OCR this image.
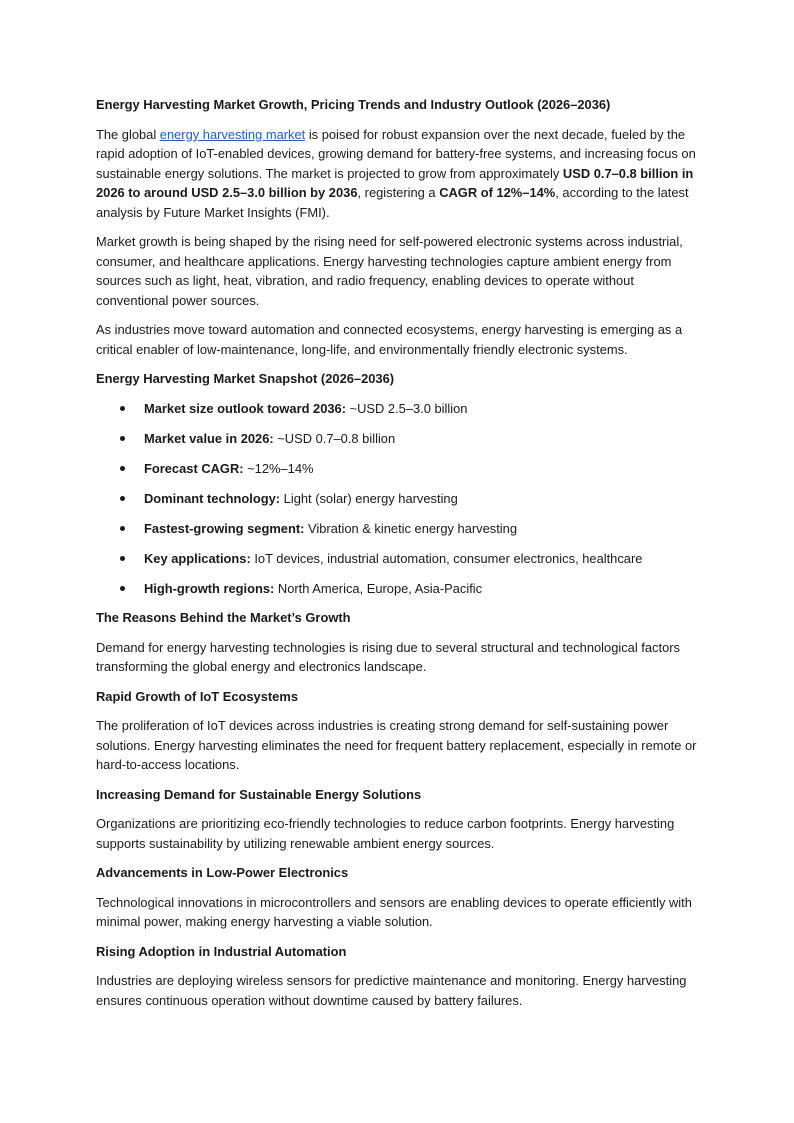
Energy Harvesting Market Growth, Pricing Trends and Industry Outlook (2026–2036)

The global energy harvesting market is poised for robust expansion over the next decade, fueled by the rapid adoption of IoT-enabled devices, growing demand for battery-free systems, and increasing focus on sustainable energy solutions. The market is projected to grow from approximately USD 0.7–0.8 billion in 2026 to around USD 2.5–3.0 billion by 2036, registering a CAGR of 12%–14%, according to the latest analysis by Future Market Insights (FMI).

Market growth is being shaped by the rising need for self-powered electronic systems across industrial, consumer, and healthcare applications. Energy harvesting technologies capture ambient energy from sources such as light, heat, vibration, and radio frequency, enabling devices to operate without conventional power sources.

As industries move toward automation and connected ecosystems, energy harvesting is emerging as a critical enabler of low-maintenance, long-life, and environmentally friendly electronic systems.

Energy Harvesting Market Snapshot (2026–2036)
Market size outlook toward 2036: ~USD 2.5–3.0 billion
Market value in 2026: ~USD 0.7–0.8 billion
Forecast CAGR: ~12%–14%
Dominant technology: Light (solar) energy harvesting
Fastest-growing segment: Vibration & kinetic energy harvesting
Key applications: IoT devices, industrial automation, consumer electronics, healthcare
High-growth regions: North America, Europe, Asia-Pacific
The Reasons Behind the Market’s Growth

Demand for energy harvesting technologies is rising due to several structural and technological factors transforming the global energy and electronics landscape.

Rapid Growth of IoT Ecosystems

The proliferation of IoT devices across industries is creating strong demand for self-sustaining power solutions. Energy harvesting eliminates the need for frequent battery replacement, especially in remote or hard-to-access locations.

Increasing Demand for Sustainable Energy Solutions

Organizations are prioritizing eco-friendly technologies to reduce carbon footprints. Energy harvesting supports sustainability by utilizing renewable ambient energy sources.

Advancements in Low-Power Electronics

Technological innovations in microcontrollers and sensors are enabling devices to operate efficiently with minimal power, making energy harvesting a viable solution.

Rising Adoption in Industrial Automation

Industries are deploying wireless sensors for predictive maintenance and monitoring. Energy harvesting ensures continuous operation without downtime caused by battery failures.
